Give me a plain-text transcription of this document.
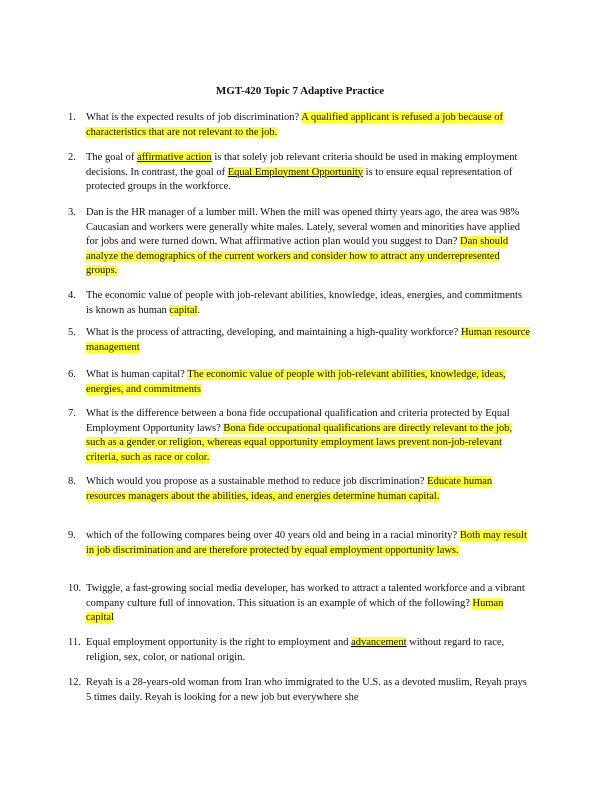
MGT-420 Topic 7 Adaptive Practice
1. What is the expected results of job discrimination? A qualified applicant is refused a job because of characteristics that are not relevant to the job.
2. The goal of affirmative action is that solely job relevant criteria should be used in making employment decisions. In contrast, the goal of Equal Employment Opportunity is to ensure equal representation of protected groups in the workforce.
3. Dan is the HR manager of a lumber mill. When the mill was opened thirty years ago, the area was 98% Caucasian and workers were generally white males. Lately, several women and minorities have applied for jobs and were turned down. What affirmative action plan would you suggest to Dan? Dan should analyze the demographics of the current workers and consider how to attract any underrepresented groups.
4. The economic value of people with job-relevant abilities, knowledge, ideas, energies, and commitments is known as human capital.
5. What is the process of attracting, developing, and maintaining a high-quality workforce? Human resource management
6. What is human capital? The economic value of people with job-relevant abilities, knowledge, ideas, energies, and commitments
7. What is the difference between a bona fide occupational qualification and criteria protected by Equal Employment Opportunity laws? Bona fide occupational qualifications are directly relevant to the job, such as a gender or religion, whereas equal opportunity employment laws prevent non-job-relevant criteria, such as race or color.
8. Which would you propose as a sustainable method to reduce job discrimination? Educate human resources managers about the abilities, ideas, and energies determine human capital.
9. which of the following compares being over 40 years old and being in a racial minority? Both may result in job discrimination and are therefore protected by equal employment opportunity laws.
10. Twiggle, a fast-growing social media developer, has worked to attract a talented workforce and a vibrant company culture full of innovation. This situation is an example of which of the following? Human capital
11. Equal employment opportunity is the right to employment and advancement without regard to race, religion, sex, color, or national origin.
12. Reyah is a 28-years-old woman from Iran who immigrated to the U.S. as a devoted muslim, Reyah prays 5 times daily. Reyah is looking for a new job but everywhere she
